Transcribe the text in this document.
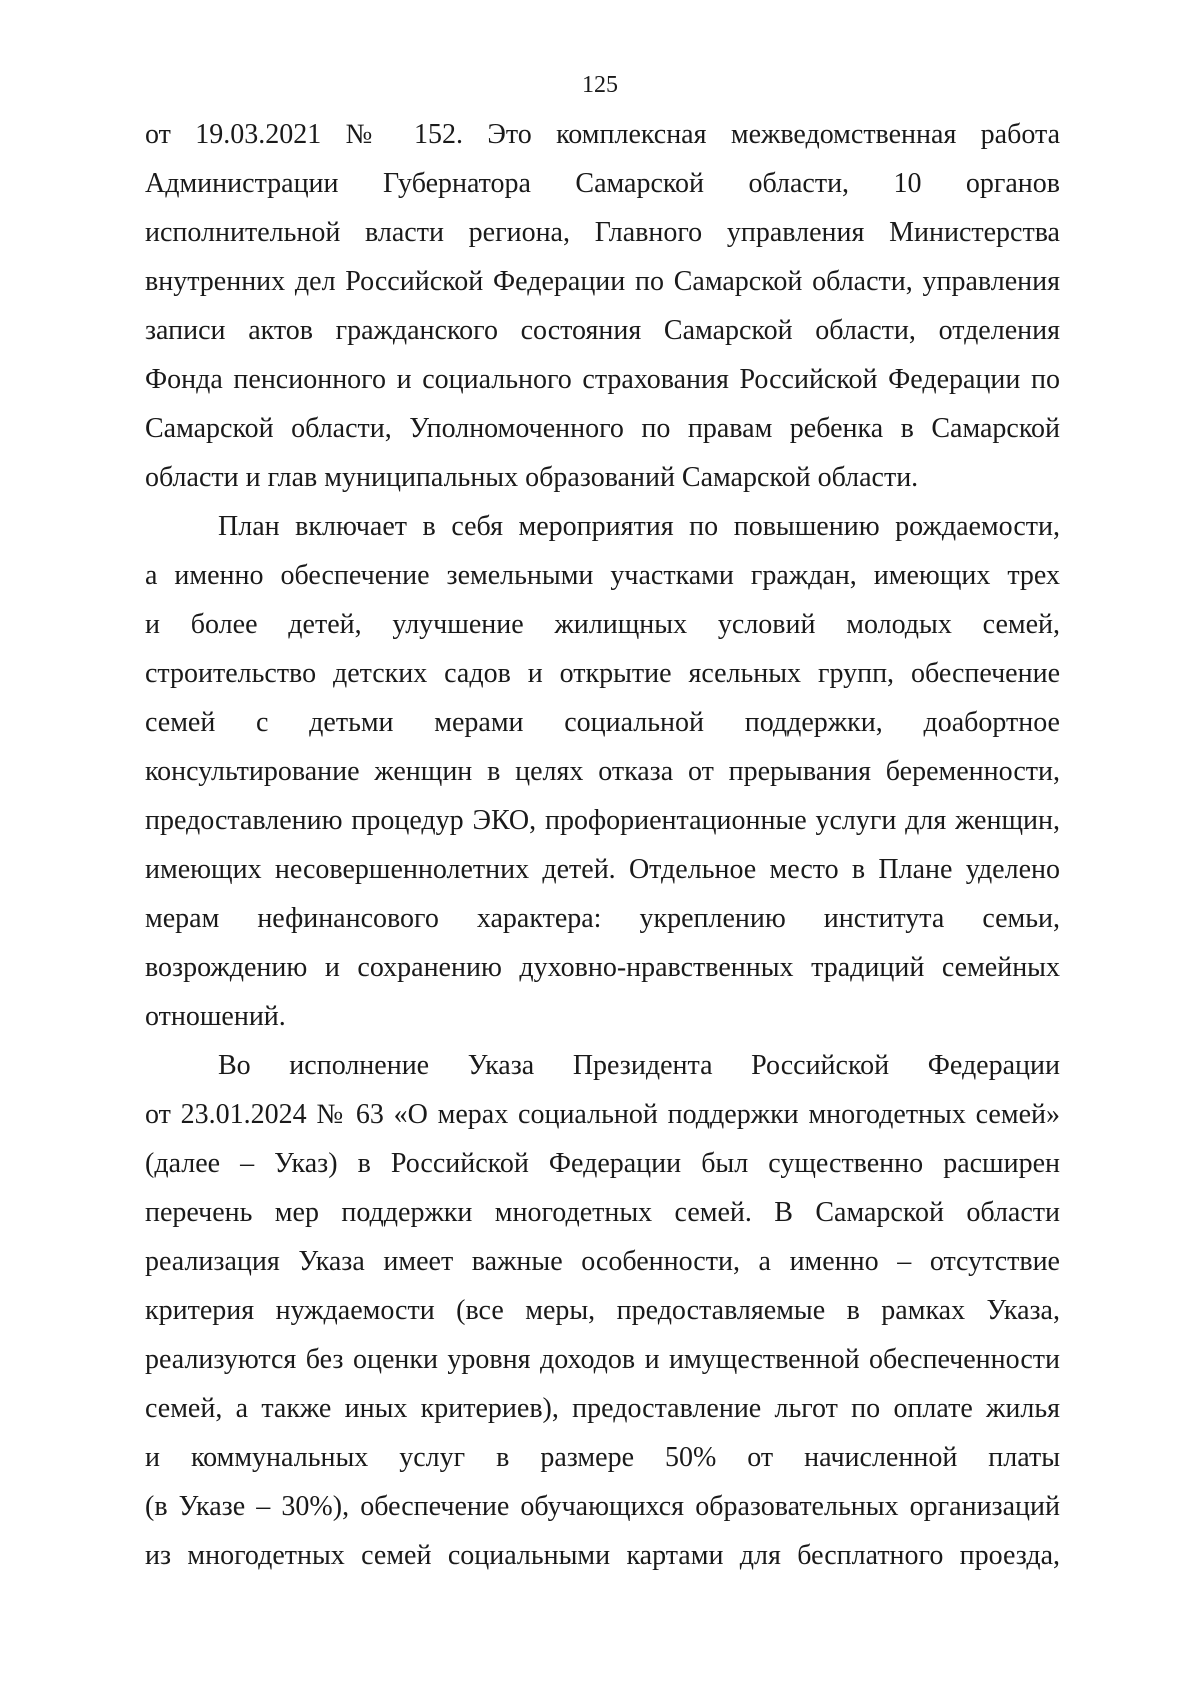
125
от 19.03.2021 № 152. Это комплексная межведомственная работа
Администрации Губернатора Самарской области, 10 органов
исполнительной власти региона, Главного управления Министерства
внутренних дел Российской Федерации по Самарской области, управления
записи актов гражданского состояния Самарской области, отделения
Фонда пенсионного и социального страхования Российской Федерации по
Самарской области, Уполномоченного по правам ребенка в Самарской
области и глав муниципальных образований Самарской области.
План включает в себя мероприятия по повышению рождаемости,
а именно обеспечение земельными участками граждан, имеющих трех
и более детей, улучшение жилищных условий молодых семей,
строительство детских садов и открытие ясельных групп, обеспечение
семей с детьми мерами социальной поддержки, доабортное
консультирование женщин в целях отказа от прерывания беременности,
предоставлению процедур ЭКО, профориентационные услуги для женщин,
имеющих несовершеннолетних детей. Отдельное место в Плане уделено
мерам нефинансового характера: укреплению института семьи,
возрождению и сохранению духовно-нравственных традиций семейных
отношений.
Во исполнение Указа Президента Российской Федерации
от 23.01.2024 № 63 «О мерах социальной поддержки многодетных семей»
(далее – Указ) в Российской Федерации был существенно расширен
перечень мер поддержки многодетных семей. В Самарской области
реализация Указа имеет важные особенности, а именно – отсутствие
критерия нуждаемости (все меры, предоставляемые в рамках Указа,
реализуются без оценки уровня доходов и имущественной обеспеченности
семей, а также иных критериев), предоставление льгот по оплате жилья
и коммунальных услуг в размере 50% от начисленной платы
(в Указе – 30%), обеспечение обучающихся образовательных организаций
из многодетных семей социальными картами для бесплатного проезда,
